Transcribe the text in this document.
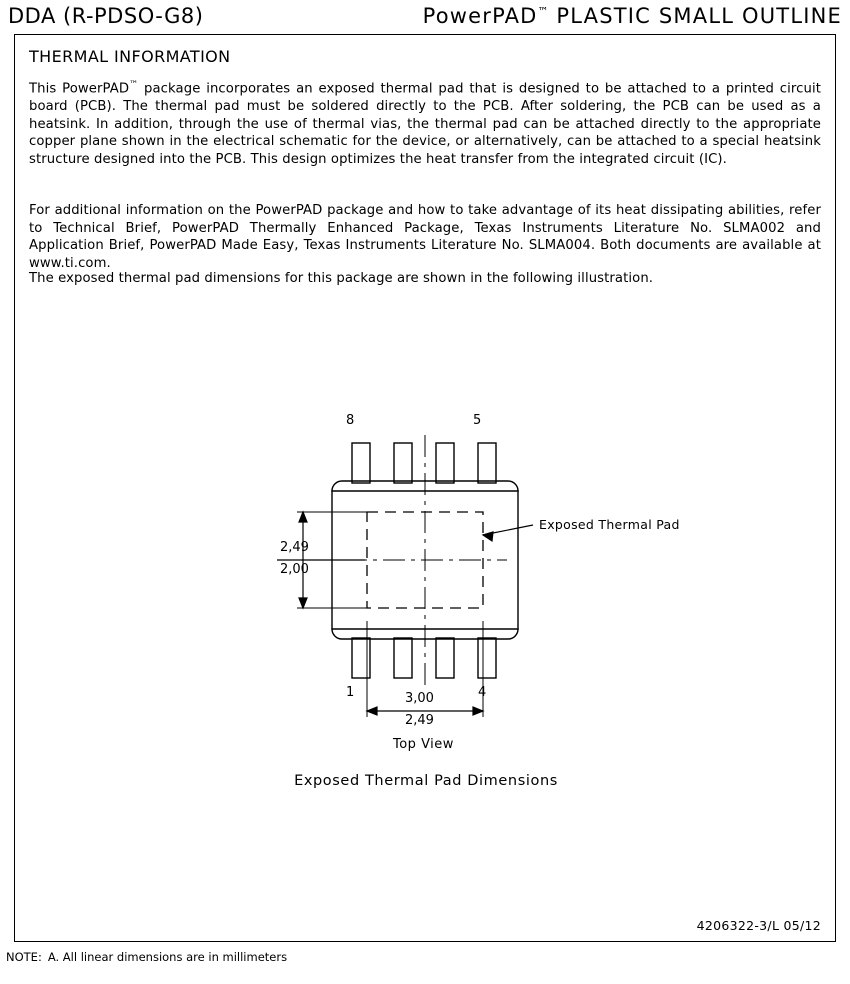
DDA (R-PDSO-G8)	PowerPAD™ PLASTIC SMALL OUTLINE
THERMAL INFORMATION
This PowerPAD™ package incorporates an exposed thermal pad that is designed to be attached to a printed circuit board (PCB). The thermal pad must be soldered directly to the PCB. After soldering, the PCB can be used as a heatsink. In addition, through the use of thermal vias, the thermal pad can be attached directly to the appropriate copper plane shown in the electrical schematic for the device, or alternatively, can be attached to a special heatsink structure designed into the PCB. This design optimizes the heat transfer from the integrated circuit (IC).
For additional information on the PowerPAD package and how to take advantage of its heat dissipating abilities, refer to Technical Brief, PowerPAD Thermally Enhanced Package, Texas Instruments Literature No. SLMA002 and Application Brief, PowerPAD Made Easy, Texas Instruments Literature No. SLMA004. Both documents are available at www.ti.com.
The exposed thermal pad dimensions for this package are shown in the following illustration.
8	5
1	4
Exposed Thermal Pad
2,49
2,00
3,00
2,49
Top View
Exposed Thermal Pad Dimensions
4206322-3/L 05/12
NOTE: A. All linear dimensions are in millimeters
